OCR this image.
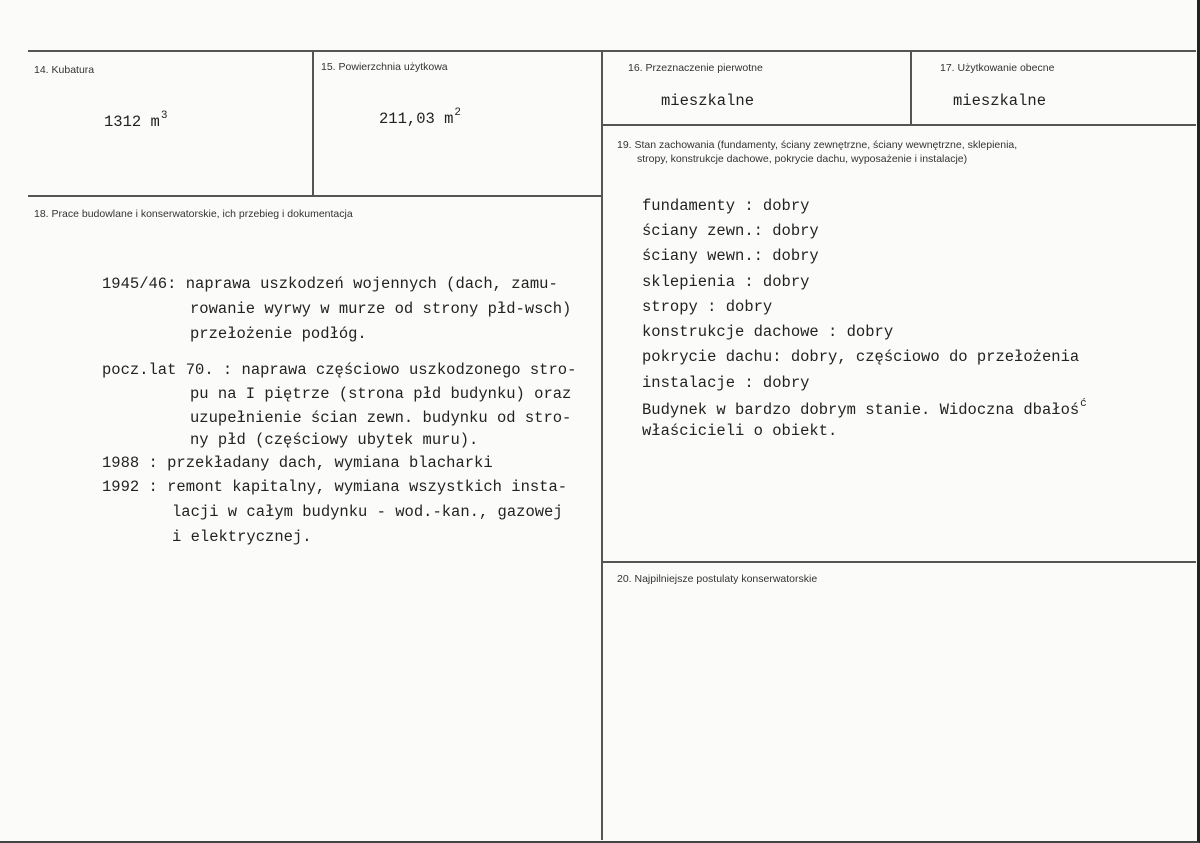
14. Kubatura
1312 $m^3$
15. Powierzchnia użytkowa
211,03 $m^2$
16. Przeznaczenie pierwotne
mieszkalne
17. Użytkowanie obecne
mieszkalne
18. Prace budowlane i konserwatorskie, ich przebieg i dokumentacja
1945/46: naprawa uszkodzeń wojennych (dach, zamu-
rowanie wyrwy w murze od strony płd-wsch)
przełożenie podłóg.
pocz.lat 70. : naprawa częściowo uszkodzonego stro-
pu na I piętrze (strona płd budynku) oraz
uzupełnienie ścian zewn. budynku od stro-
ny płd (częściowy ubytek muru).
1988 : przekładany dach, wymiana blacharki
1992 : remont kapitalny, wymiana wszystkich insta-
lacji w całym budynku - wod.-kan., gazowej
i elektrycznej.
19. Stan zachowania (fundamenty, ściany zewnętrzne, ściany wewnętrzne, sklepienia,
stropy, konstrukcje dachowe, pokrycie dachu, wyposażenie i instalacje)
fundamenty : dobry
ściany zewn.: dobry
ściany wewn.: dobry
sklepienia : dobry
stropy : dobry
konstrukcje dachowe : dobry
pokrycie dachu: dobry, częściowo do przełożenia
instalacje : dobry
Budynek w bardzo dobrym stanie. Widoczna dbałoś$^ć$
właścicieli o obiekt.
20. Najpilniejsze postulaty konserwatorskie
